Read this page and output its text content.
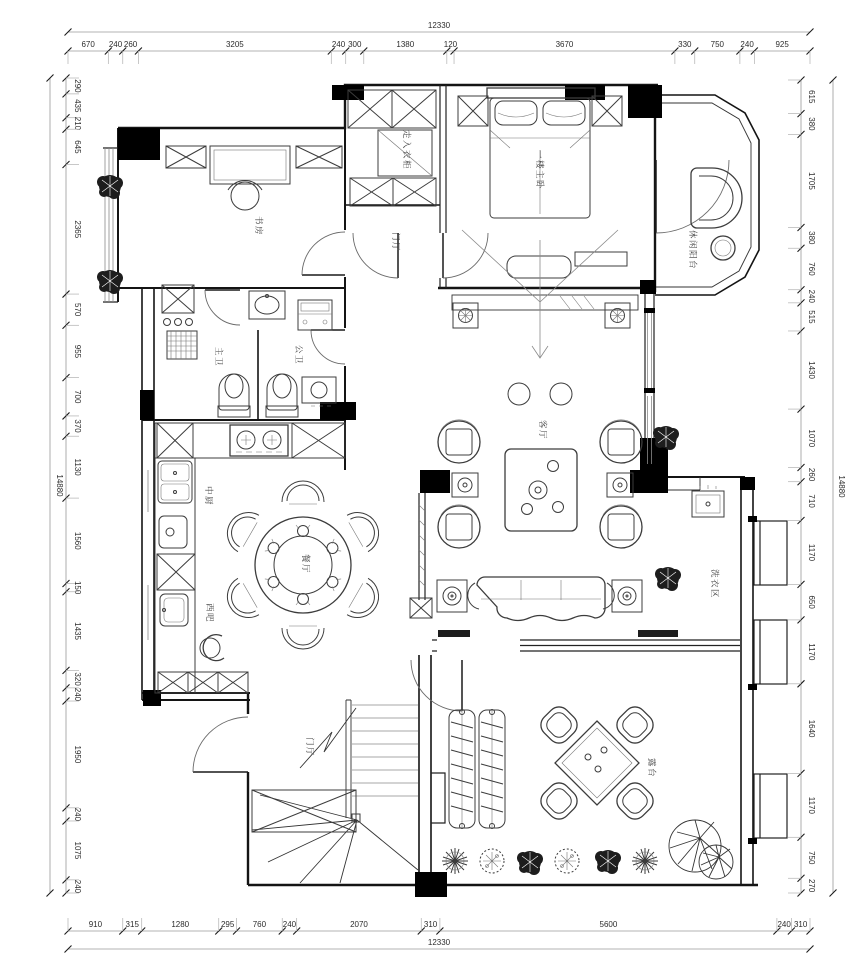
书房
走入衣柜	一楼主卧
休闲阳台
门厅
主卫	公卫
客厅
中厨
餐厅
西吧
洗衣区
门厅
露台
670 240 260	3205	240 300	1380	120	3670	330 750 240	925
12330
910	315	1280	295 760 240	2070	310	5600	240 310
12330
290
435
210
645
2365
570
955
700
370
1130
1560
150
1435
320
240
1950
240
1075
240
14880
615
380
1705
380
760
240
515
1430
1070
260
710
1170
650
1170
1640
1170
750
270
14880
